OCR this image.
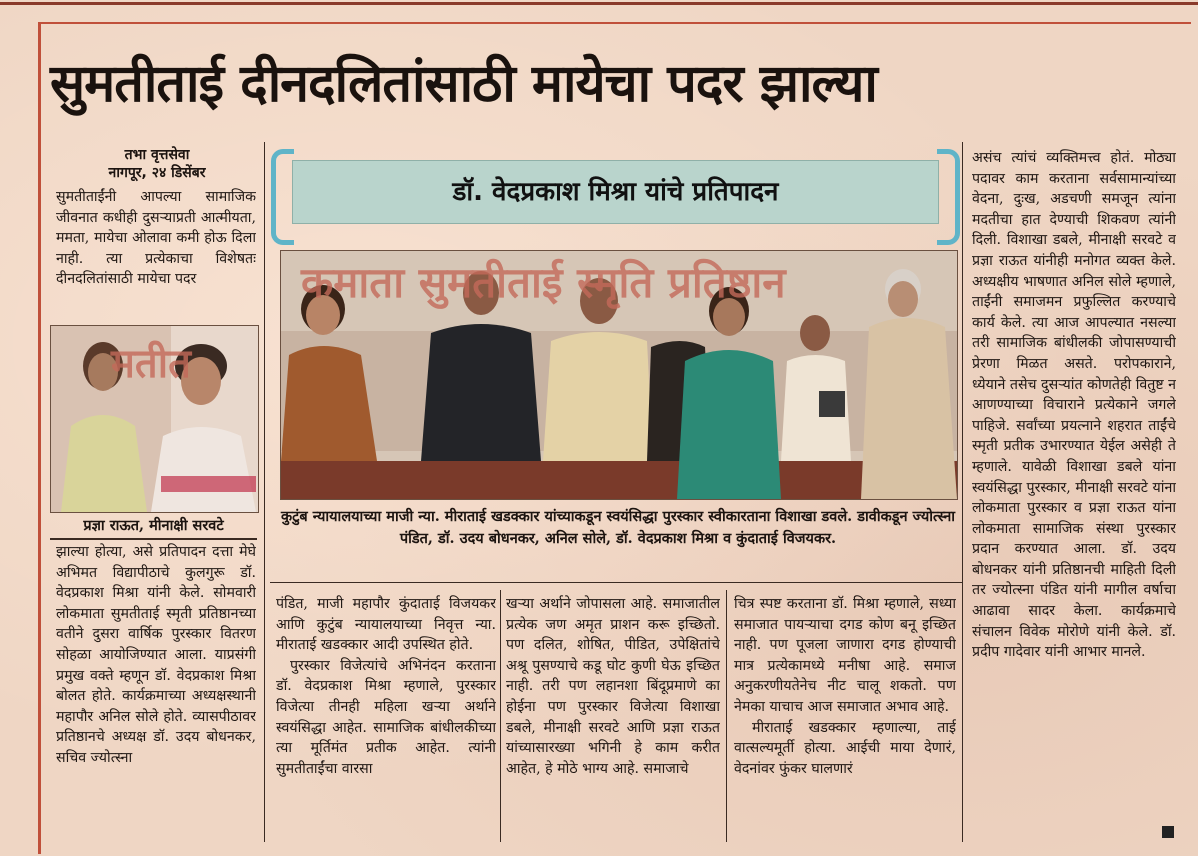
सुमतीताई दीनदलितांसाठी मायेचा पदर झाल्या
तभा वृत्तसेवा
नागपूर, २४ डिसेंबर

सुमतीताईंनी आपल्या सामाजिक जीवनात कधीही दुसऱ्याप्रती आत्मीयता, ममता, मायेचा ओलावा कमी होऊ दिला नाही. त्या प्रत्येकाचा विशेषतः दीनदलितांसाठी मायेचा पदर

मतीत
प्रज्ञा राऊत, मीनाक्षी सरवटे

झाल्या होत्या, असे प्रतिपादन दत्ता मेघे अभिमत विद्यापीठाचे कुलगुरू डॉ. वेदप्रकाश मिश्रा यांनी केले. सोमवारी लोकमाता सुमतीताई स्मृती प्रतिष्ठानच्या वतीने दुसरा वार्षिक पुरस्कार वितरण सोहळा आयोजिण्यात आला. याप्रसंगी प्रमुख वक्ते म्हणून डॉ. वेदप्रकाश मिश्रा बोलत होते. कार्यक्रमाच्या अध्यक्षस्थानी महापौर अनिल सोले होते. व्यासपीठावर प्रतिष्ठानचे अध्यक्ष डॉ. उदय बोधनकर, सचिव ज्योत्स्ना

डॉ. वेदप्रकाश मिश्रा यांचे प्रतिपादन
कमाता सुमतीताई स्मृति प्रतिष्ठान
कुटुंब न्यायालयाच्या माजी न्या. मीराताई खडक्कार यांच्याकडून स्वयंसिद्धा पुरस्कार स्वीकारताना विशाखा डवले. डावीकडून ज्योत्स्ना पंडित, डॉ. उदय बोधनकर, अनिल सोले, डॉ. वेदप्रकाश मिश्रा व कुंदाताई विजयकर.

पंडित, माजी महापौर कुंदाताई विजयकर आणि कुटुंब न्यायालयाच्या निवृत्त न्या. मीराताई खडक्कार आदी उपस्थित होते.

पुरस्कार विजेत्यांचे अभिनंदन करताना डॉ. वेदप्रकाश मिश्रा म्हणाले, पुरस्कार विजेत्या तीनही महिला खऱ्या अर्थाने स्वयंसिद्धा आहेत. सामाजिक बांधीलकीच्या त्या मूर्तिमंत प्रतीक आहेत. त्यांनी सुमतीताईंचा वारसा

खऱ्या अर्थाने जोपासला आहे. समाजातील प्रत्येक जण अमृत प्राशन करू इच्छितो. पण दलित, शोषित, पीडित, उपेक्षितांचे अश्रू पुसण्याचे कडू घोट कुणी घेऊ इच्छित नाही. तरी पण लहानशा बिंदूप्रमाणे का होईना पण पुरस्कार विजेत्या विशाखा डबले, मीनाक्षी सरवटे आणि प्रज्ञा राऊत यांच्यासारख्या भगिनी हे काम करीत आहेत, हे मोठे भाग्य आहे. समाजाचे

चित्र स्पष्ट करताना डॉ. मिश्रा म्हणाले, सध्या समाजात पायऱ्याचा दगड कोण बनू इच्छित नाही. पण पूजला जाणारा दगड होण्याची मात्र प्रत्येकामध्ये मनीषा आहे. समाज अनुकरणीयतेनेच नीट चालू शकतो. पण नेमका याचाच आज समाजात अभाव आहे.

मीराताई खडक्कार म्हणाल्या, ताई वात्सल्यमूर्ती होत्या. आईची माया देणारं, वेदनांवर फुंकर घालणारं

असंच त्यांचं व्यक्तिमत्त्व होतं. मोठ्या पदावर काम करताना सर्वसामान्यांच्या वेदना, दुःख, अडचणी समजून त्यांना मदतीचा हात देण्याची शिकवण त्यांनी दिली. विशाखा डबले, मीनाक्षी सरवटे व प्रज्ञा राऊत यांनीही मनोगत व्यक्त केले. अध्यक्षीय भाषणात अनिल सोले म्हणाले, ताईंनी समाजमन प्रफुल्लित करण्याचे कार्य केले. त्या आज आपल्यात नसल्या तरी सामाजिक बांधीलकी जोपासण्याची प्रेरणा मिळत असते. परोपकाराने, ध्येयाने तसेच दुसऱ्यांत कोणतेही वितुष्ट न आणण्याच्या विचाराने प्रत्येकाने जगले पाहिजे. सर्वांच्या प्रयत्नाने शहरात ताईंचे स्मृती प्रतीक उभारण्यात येईल असेही ते म्हणाले. यावेळी विशाखा डबले यांना स्वयंसिद्धा पुरस्कार, मीनाक्षी सरवटे यांना लोकमाता पुरस्कार व प्रज्ञा राऊत यांना लोकमाता सामाजिक संस्था पुरस्कार प्रदान करण्यात आला. डॉ. उदय बोधनकर यांनी प्रतिष्ठानची माहिती दिली तर ज्योत्स्ना पंडित यांनी मागील वर्षाचा आढावा सादर केला. कार्यक्रमाचे संचालन विवेक मोरोणे यांनी केले. डॉ. प्रदीप गादेवार यांनी आभार मानले.
